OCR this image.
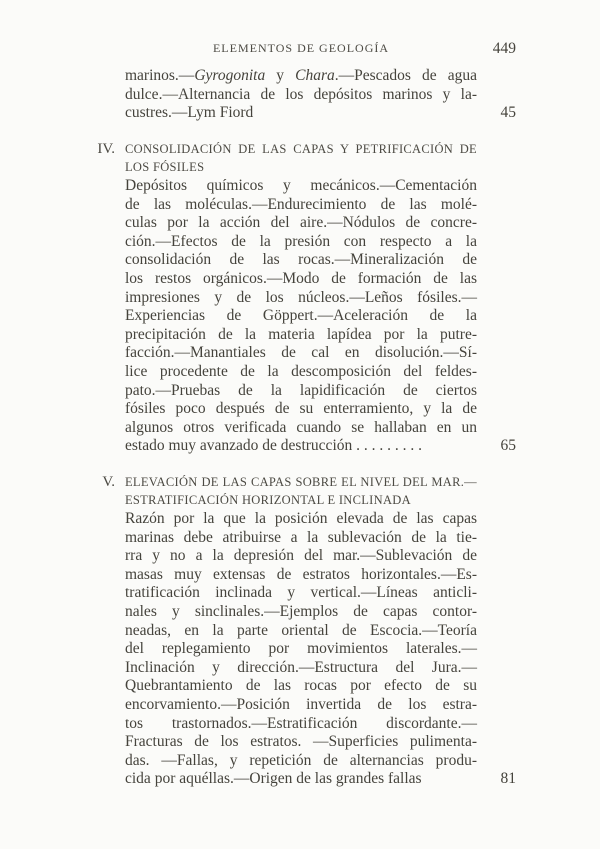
ELEMENTOS DE GEOLOGÍA	449
marinos.—Gyrogonita y Chara.—Pescados de agua
dulce.—Alternancia de los depósitos marinos y la-
custres.—Lym Fiord	45
IV. CONSOLIDACIÓN DE LAS CAPAS Y PETRIFICACIÓN DE
LOS FÓSILES
Depósitos químicos y mecánicos.—Cementación
de las moléculas.—Endurecimiento de las molé-
culas por la acción del aire.—Nódulos de concre-
ción.—Efectos de la presión con respecto a la
consolidación de las rocas.—Mineralización de
los restos orgánicos.—Modo de formación de las
impresiones y de los núcleos.—Leños fósiles.—
Experiencias de Göppert.—Aceleración de la
precipitación de la materia lapídea por la putre-
facción.—Manantiales de cal en disolución.—Sí-
lice procedente de la descomposición del feldes-
pato.—Pruebas de la lapidificación de ciertos
fósiles poco después de su enterramiento, y la de
algunos otros verificada cuando se hallaban en un
estado muy avanzado de destrucción . . . . . . . . .	65
V. ELEVACIÓN DE LAS CAPAS SOBRE EL NIVEL DEL MAR.—
ESTRATIFICACIÓN HORIZONTAL E INCLINADA
Razón por la que la posición elevada de las capas
marinas debe atribuirse a la sublevación de la tie-
rra y no a la depresión del mar.—Sublevación de
masas muy extensas de estratos horizontales.—Es-
tratificación inclinada y vertical.—Líneas anticli-
nales y sinclinales.—Ejemplos de capas contor-
neadas, en la parte oriental de Escocia.—Teoría
del replegamiento por movimientos laterales.—
Inclinación y dirección.—Estructura del Jura.—
Quebrantamiento de las rocas por efecto de su
encorvamiento.—Posición invertida de los estra-
tos trastornados.—Estratificación discordante.—
Fracturas de los estratos. —Superficies pulimenta-
das. —Fallas, y repetición de alternancias produ-
cida por aquéllas.—Origen de las grandes fallas	81
